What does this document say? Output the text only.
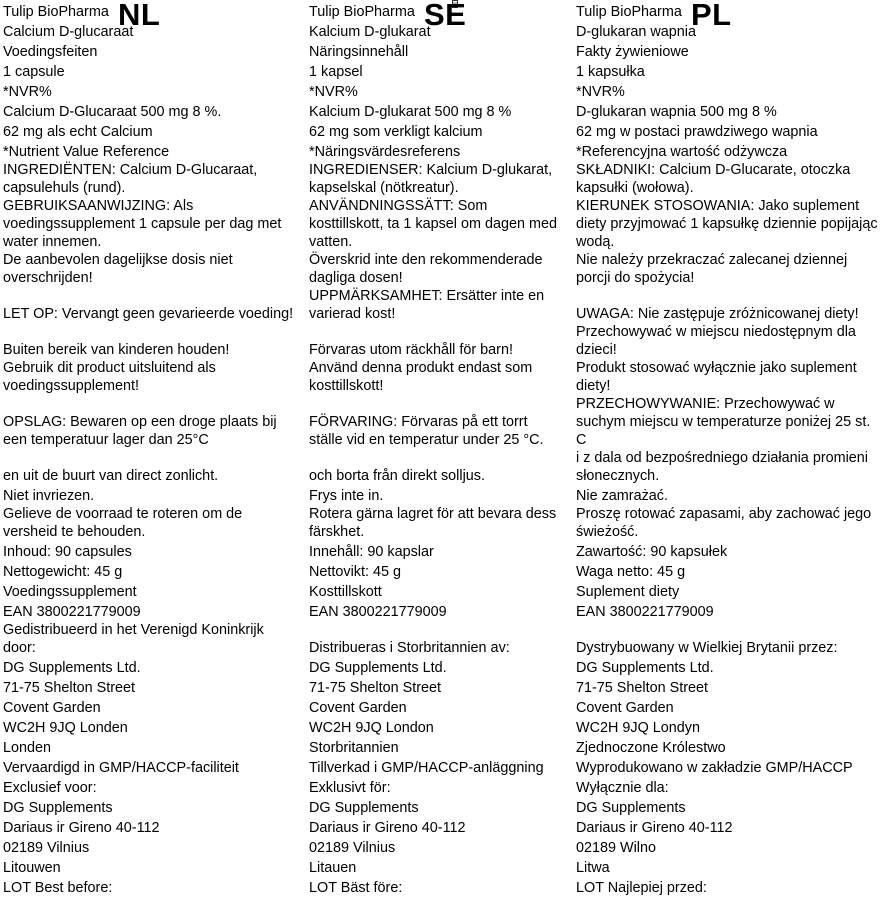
NL
Tulip BioPharma
Calcium D-glucaraat
Voedingsfeiten
1 capsule
*NVR%
Calcium D-Glucaraat 500 mg 8 %.
62 mg als echt Calcium
*Nutrient Value Reference
INGREDIËNTEN: Calcium D-Glucaraat,
capsulehuls (rund).
GEBRUIKSAANWIJZING: Als
voedingssupplement 1 capsule per dag met
water innemen.
De aanbevolen dagelijkse dosis niet
overschrijden!
LET OP: Vervangt geen gevarieerde voeding!
Buiten bereik van kinderen houden!
Gebruik dit product uitsluitend als
voedingssupplement!
OPSLAG: Bewaren op een droge plaats bij
een temperatuur lager dan 25°C
en uit de buurt van direct zonlicht.
Niet invriezen.
Gelieve de voorraad te roteren om de
versheid te behouden.
Inhoud: 90 capsules
Nettogewicht: 45 g
Voedingssupplement
EAN 3800221779009
Gedistribueerd in het Verenigd Koninkrijk
door:
DG Supplements Ltd.
71-75 Shelton Street
Covent Garden
WC2H 9JQ Londen
Londen
Vervaardigd in GMP/HACCP-faciliteit
Exclusief voor:
DG Supplements
Dariaus ir Gireno 40-112
02189 Vilnius
Litouwen
LOT Best before:
SE
Tulip BioPharma
Kalcium D-glukarat
Näringsinnehåll
1 kapsel
*NVR%
Kalcium D-glukarat 500 mg 8 %
62 mg som verkligt kalcium
*Näringsvärdesreferens
INGREDIENSER: Kalcium D-glukarat,
kapselskal (nötkreatur).
ANVÄNDNINGSSÄTT: Som
kosttillskott, ta 1 kapsel om dagen med
vatten.
Överskrid inte den rekommenderade
dagliga dosen!
UPPMÄRKSAMHET: Ersätter inte en
varierad kost!
Förvaras utom räckhåll för barn!
Använd denna produkt endast som
kosttillskott!
FÖRVARING: Förvaras på ett torrt
ställe vid en temperatur under 25 °C.
och borta från direkt solljus.
Frys inte in.
Rotera gärna lagret för att bevara dess
färskhet.
Innehåll: 90 kapslar
Nettovikt: 45 g
Kosttillskott
EAN 3800221779009
Distribueras i Storbritannien av:
DG Supplements Ltd.
71-75 Shelton Street
Covent Garden
WC2H 9JQ London
Storbritannien
Tillverkad i GMP/HACCP-anläggning
Exklusivt för:
DG Supplements
Dariaus ir Gireno 40-112
02189 Vilnius
Litauen
LOT Bäst före:
PL
Tulip BioPharma
D-glukaran wapnia
Fakty żywieniowe
1 kapsułka
*NVR%
D-glukaran wapnia 500 mg 8 %
62 mg w postaci prawdziwego wapnia
*Referencyjna wartość odżywcza
SKŁADNIKI: Calcium D-Glucarate, otoczka
kapsułki (wołowa).
KIERUNEK STOSOWANIA: Jako suplement
diety przyjmować 1 kapsułkę dziennie popijając
wodą.
Nie należy przekraczać zalecanej dziennej
porcji do spożycia!
UWAGA: Nie zastępuje zróżnicowanej diety!
Przechowywać w miejscu niedostępnym dla
dzieci!
Produkt stosować wyłącznie jako suplement
diety!
PRZECHOWYWANIE: Przechowywać w
suchym miejscu w temperaturze poniżej 25 st.
C
i z dala od bezpośredniego działania promieni
słonecznych.
Nie zamrażać.
Proszę rotować zapasami, aby zachować jego
świeżość.
Zawartość: 90 kapsułek
Waga netto: 45 g
Suplement diety
EAN 3800221779009
Dystrybuowany w Wielkiej Brytanii przez:
DG Supplements Ltd.
71-75 Shelton Street
Covent Garden
WC2H 9JQ Londyn
Zjednoczone Królestwo
Wyprodukowano w zakładzie GMP/HACCP
Wyłącznie dla:
DG Supplements
Dariaus ir Gireno 40-112
02189 Wilno
Litwa
LOT Najlepiej przed:
